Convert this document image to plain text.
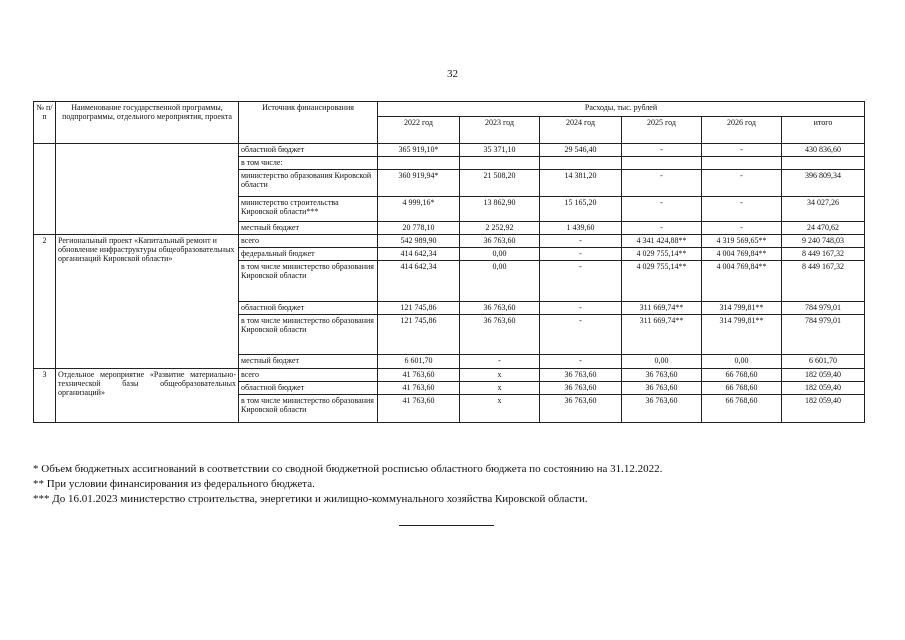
32
№ п/п	Наименование государственной программы, подпрограммы, отдельного мероприятия, проекта	Источник финансирования	Расходы, тыс. рублей					
			2022 год	2023 год	2024 год	2025 год	2026 год	итого
		областной бюджет	365 919,10*	35 371,10	29 546,40	-	-	430 836,60
		в том числе:						
		министерство образования Кировской области	360 919,94*	21 508,20	14 381,20	-	-	396 809,34
		министерство строительства Кировской области***	4 999,16*	13 862,90	15 165,20	-	-	34 027,26
		местный бюджет	20 778,10	2 252,92	1 439,60	-	-	24 470,62
2	Региональный проект «Капитальный ремонт и обновление инфраструктуры общеобразовательных организаций Кировской области»	всего	542 989,90	36 763,60	-	4 341 424,88**	4 319 569,65**	9 240 748,03
		федеральный бюджет	414 642,34	0,00	-	4 029 755,14**	4 004 769,84**	8 449 167,32
		в том числе министерство образования Кировской области	414 642,34	0,00	-	4 029 755,14**	4 004 769,84**	8 449 167,32
		областной бюджет	121 745,86	36 763,60	-	311 669,74**	314 799,81**	784 979,01
		в том числе министерство образования Кировской области	121 745,86	36 763,60	-	311 669,74**	314 799,81**	784 979,01
		местный бюджет	6 601,70	-	-	0,00	0,00	6 601,70
3	Отдельное мероприятие «Развитие материально-технической базы общеобразовательных организаций»	всего	41 763,60	x	36 763,60	36 763,60	66 768,60	182 059,40
		областной бюджет	41 763,60	x	36 763,60	36 763,60	66 768,60	182 059,40
		в том числе министерство образования Кировской области	41 763,60	x	36 763,60	36 763,60	66 768,60	182 059,40
* Объем бюджетных ассигнований в соответствии со сводной бюджетной росписью областного бюджета по состоянию на 31.12.2022.
** При условии финансирования из федерального бюджета.
*** До 16.01.2023 министерство строительства, энергетики и жилищно-коммунального хозяйства Кировской области.
